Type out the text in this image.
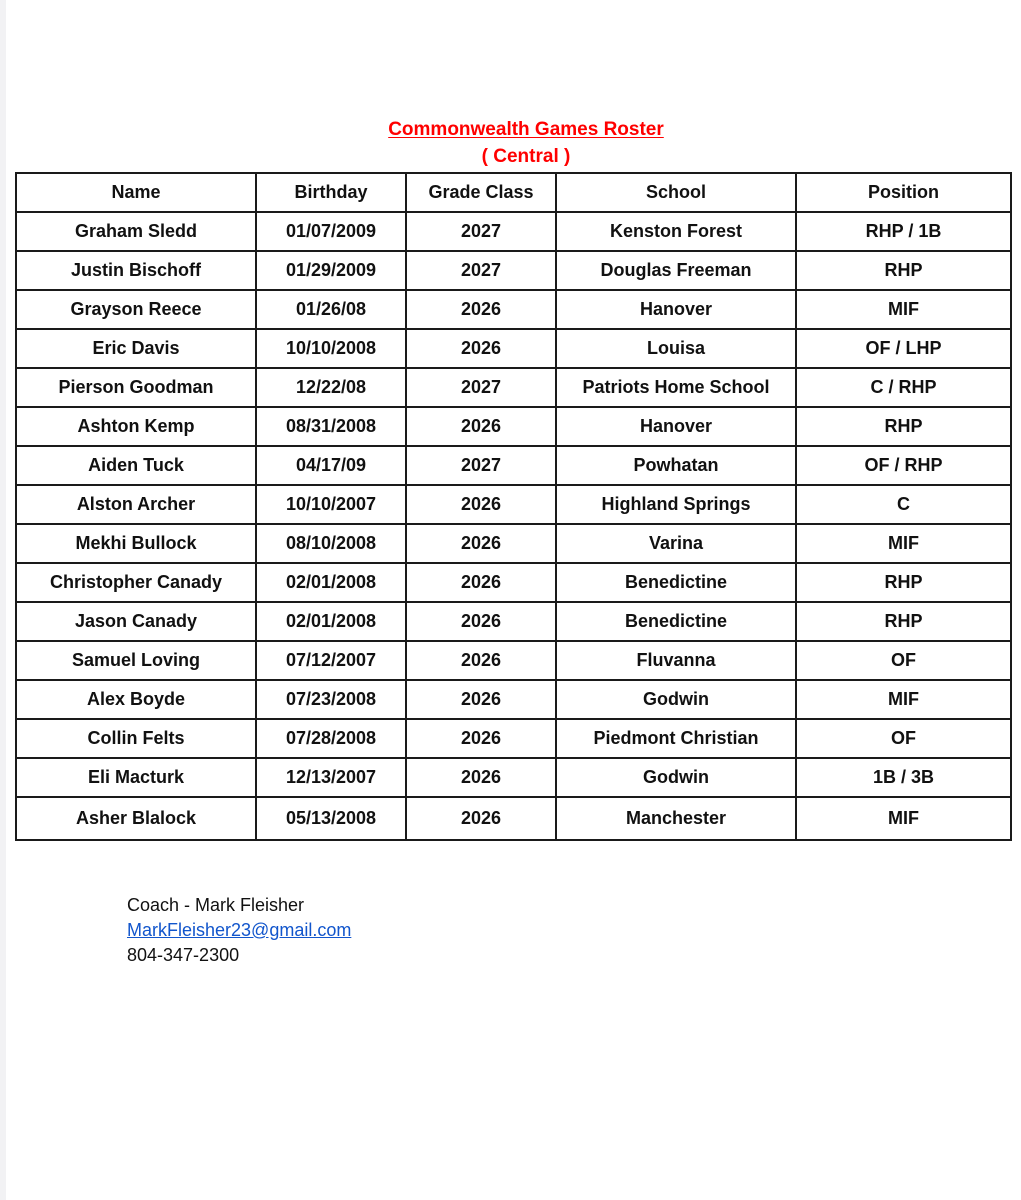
Commonwealth Games Roster
( Central )
Name	Birthday	Grade Class	School	Position
Graham Sledd	01/07/2009	2027	Kenston Forest	RHP / 1B
Justin Bischoff	01/29/2009	2027	Douglas Freeman	RHP
Grayson Reece	01/26/08	2026	Hanover	MIF
Eric Davis	10/10/2008	2026	Louisa	OF / LHP
Pierson Goodman	12/22/08	2027	Patriots Home School	C / RHP
Ashton Kemp	08/31/2008	2026	Hanover	RHP
Aiden Tuck	04/17/09	2027	Powhatan	OF / RHP
Alston Archer	10/10/2007	2026	Highland Springs	C
Mekhi Bullock	08/10/2008	2026	Varina	MIF
Christopher Canady	02/01/2008	2026	Benedictine	RHP
Jason Canady	02/01/2008	2026	Benedictine	RHP
Samuel Loving	07/12/2007	2026	Fluvanna	OF
Alex Boyde	07/23/2008	2026	Godwin	MIF
Collin Felts	07/28/2008	2026	Piedmont Christian	OF
Eli Macturk	12/13/2007	2026	Godwin	1B / 3B
Asher Blalock	05/13/2008	2026	Manchester	MIF
Coach - Mark Fleisher
MarkFleisher23@gmail.com
804-347-2300
